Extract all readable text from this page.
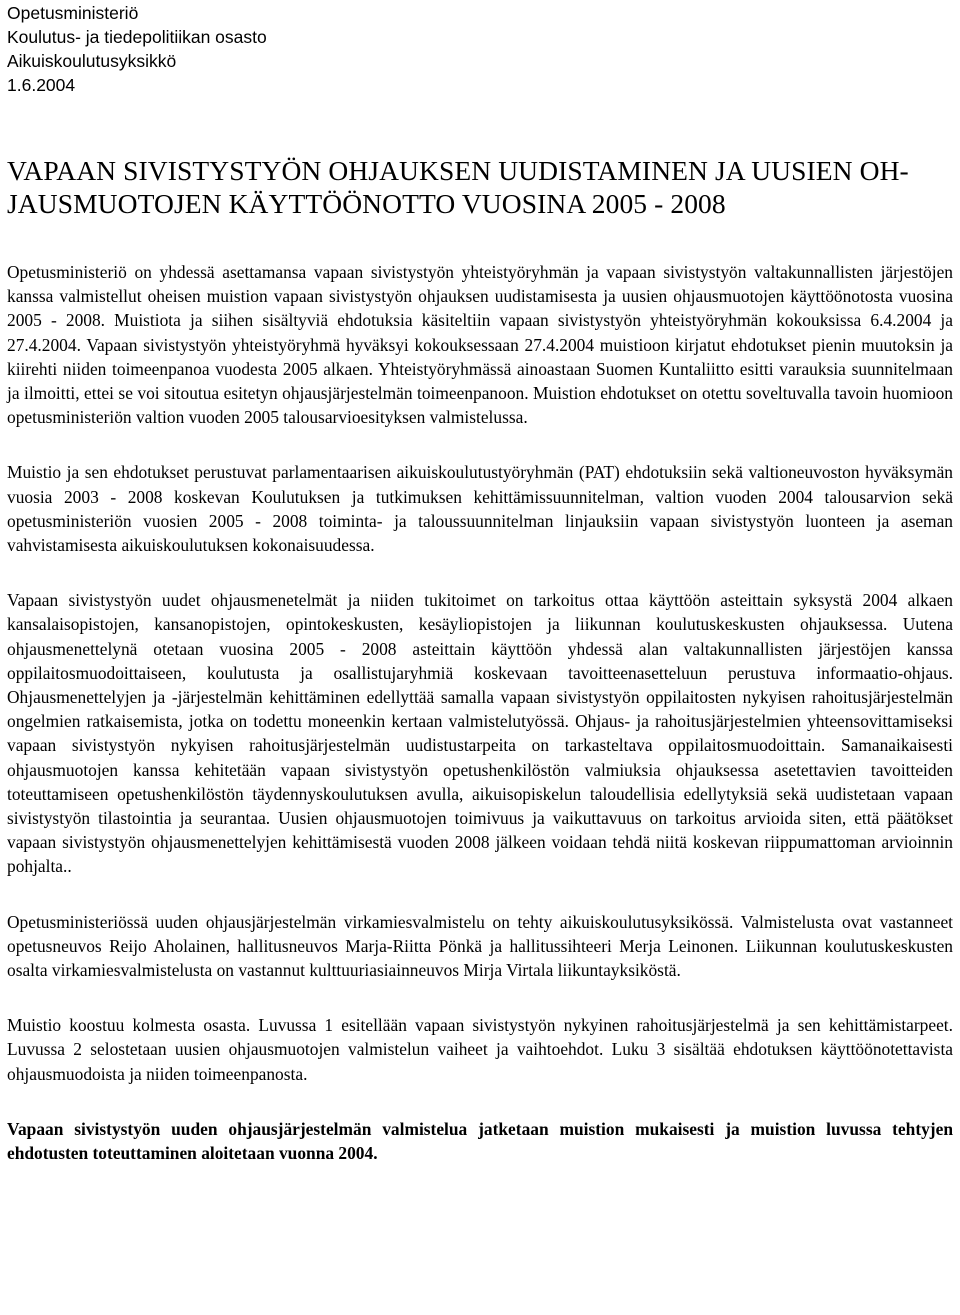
Opetusministeriö
Koulutus- ja tiedepolitiikan osasto
Aikuiskoulutusyksikkö
1.6.2004
VAPAAN SIVISTYSTYÖN OHJAUKSEN UUDISTAMINEN JA UUSIEN OH-
JAUSMUOTOJEN KÄYTTÖÖNOTTO VUOSINA 2005 - 2008

Opetusministeriö on yhdessä asettamansa vapaan sivistystyön yhteistyöryhmän ja vapaan sivistystyön valtakunnallisten järjestöjen kanssa valmistellut oheisen muistion vapaan sivistystyön ohjauksen uudistamisesta ja uusien ohjausmuotojen käyttöönotosta vuosina 2005 - 2008. Muistiota ja siihen sisältyviä ehdotuksia käsiteltiin vapaan sivistystyön yhteistyöryhmän kokouksissa 6.4.2004 ja 27.4.2004. Vapaan sivistystyön yhteistyöryhmä hyväksyi kokouksessaan 27.4.2004 muistioon kirjatut ehdotukset pienin muutoksin ja kiirehti niiden toimeenpanoa vuodesta 2005 alkaen. Yhteistyöryhmässä ainoastaan Suomen Kuntaliitto esitti varauksia suunnitelmaan ja ilmoitti, ettei se voi sitoutua esitetyn ohjausjärjestelmän toimeenpanoon. Muistion ehdotukset on otettu soveltuvalla tavoin huomioon opetusministeriön valtion vuoden 2005 talousarvioesityksen valmistelussa.

Muistio ja sen ehdotukset perustuvat parlamentaarisen aikuiskoulutustyöryhmän (PAT) ehdotuksiin sekä valtioneuvoston hyväksymän vuosia 2003 - 2008 koskevan Koulutuksen ja tutkimuksen kehittämissuunnitelman, valtion vuoden 2004 talousarvion sekä opetusministeriön vuosien 2005 - 2008 toiminta- ja taloussuunnitelman linjauksiin vapaan sivistystyön luonteen ja aseman vahvistamisesta aikuiskoulutuksen kokonaisuudessa.

Vapaan sivistystyön uudet ohjausmenetelmät ja niiden tukitoimet on tarkoitus ottaa käyttöön asteittain syksystä 2004 alkaen kansalaisopistojen, kansanopistojen, opintokeskusten, kesäyliopistojen ja liikunnan koulutuskeskusten ohjauksessa. Uutena ohjausmenettelynä otetaan vuosina 2005 - 2008 asteittain käyttöön yhdessä alan valtakunnallisten järjestöjen kanssa oppilaitosmuodoittaiseen, koulutusta ja osallistujaryhmiä koskevaan tavoitteenasetteluun perustuva informaatio-ohjaus. Ohjausmenettelyjen ja -järjestelmän kehittäminen edellyttää samalla vapaan sivistystyön oppilaitosten nykyisen rahoitusjärjestelmän ongelmien ratkaisemista, jotka on todettu moneenkin kertaan valmistelutyössä. Ohjaus- ja rahoitusjärjestelmien yhteensovittamiseksi vapaan sivistystyön nykyisen rahoitusjärjestelmän uudistustarpeita on tarkasteltava oppilaitosmuodoittain. Samanaikaisesti ohjausmuotojen kanssa kehitetään vapaan sivistystyön opetushenkilöstön valmiuksia ohjauksessa asetettavien tavoitteiden toteuttamiseen opetushenkilöstön täydennyskoulutuksen avulla, aikuisopiskelun taloudellisia edellytyksiä sekä uudistetaan vapaan sivistystyön tilastointia ja seurantaa. Uusien ohjausmuotojen toimivuus ja vaikuttavuus on tarkoitus arvioida siten, että päätökset vapaan sivistystyön ohjausmenettelyjen kehittämisestä vuoden 2008 jälkeen voidaan tehdä niitä koskevan riippumattoman arvioinnin pohjalta..

Opetusministeriössä uuden ohjausjärjestelmän virkamiesvalmistelu on tehty aikuiskoulutusyksikössä. Valmistelusta ovat vastanneet opetusneuvos Reijo Aholainen, hallitusneuvos Marja-Riitta Pönkä ja hallitussihteeri Merja Leinonen. Liikunnan koulutuskeskusten osalta virkamiesvalmistelusta on vastannut kulttuuriasiainneuvos Mirja Virtala liikuntayksiköstä.

Muistio koostuu kolmesta osasta. Luvussa 1 esitellään vapaan sivistystyön nykyinen rahoitusjärjestelmä ja sen kehittämistarpeet. Luvussa 2 selostetaan uusien ohjausmuotojen valmistelun vaiheet ja vaihtoehdot. Luku 3 sisältää ehdotuksen käyttöönotettavista ohjausmuodoista ja niiden toimeenpanosta.

Vapaan sivistystyön uuden ohjausjärjestelmän valmistelua jatketaan muistion mukaisesti ja muistion luvussa tehtyjen ehdotusten toteuttaminen aloitetaan vuonna 2004.
